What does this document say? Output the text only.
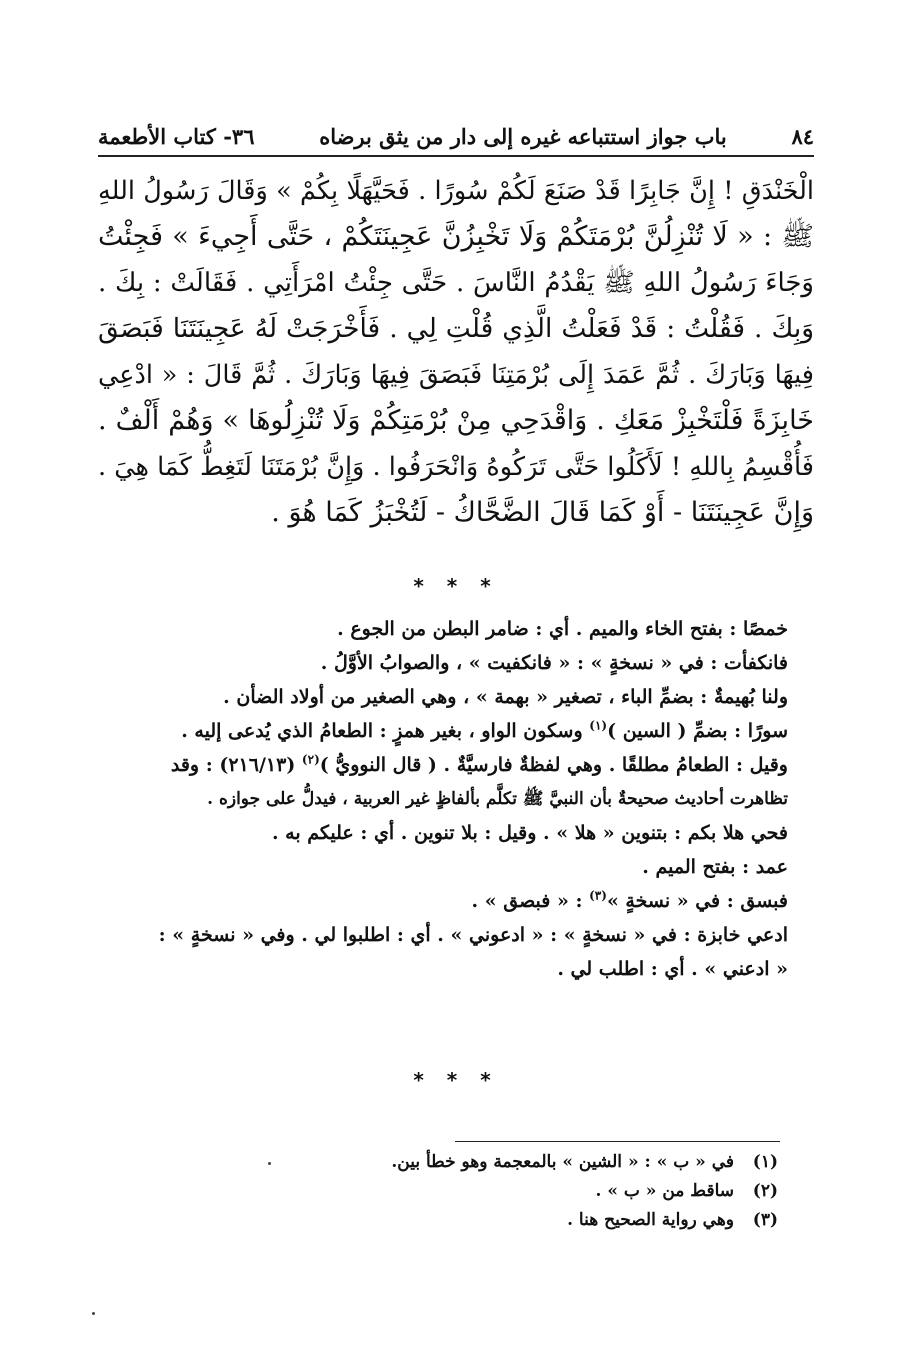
٨٤
باب جواز استتباعه غيره إلى دار من يثق برضاه
٣٦- كتاب الأطعمة
الْخَنْدَقِ ! إِنَّ جَابِرًا قَدْ صَنَعَ لَكُمْ سُورًا . فَحَيَّهَلًا بِكُمْ » وَقَالَ رَسُولُ اللهِ
ﷺ : « لَا تُنْزِلُنَّ بُرْمَتَكُمْ وَلَا تَخْبِزُنَّ عَجِينَتَكُمْ ، حَتَّى أَجِيءَ » فَجِئْتُ
وَجَاءَ رَسُولُ اللهِ ﷺ يَقْدُمُ النَّاسَ . حَتَّى جِئْتُ امْرَأَتِي . فَقَالَتْ : بِكَ .
وَبِكَ . فَقُلْتُ : قَدْ فَعَلْتُ الَّذِي قُلْتِ لِي . فَأَخْرَجَتْ لَهُ عَجِينَتَنَا فَبَصَقَ
فِيهَا وَبَارَكَ . ثُمَّ عَمَدَ إِلَى بُرْمَتِنَا فَبَصَقَ فِيهَا وَبَارَكَ . ثُمَّ قَالَ : « ادْعِي
خَابِزَةً فَلْتَخْبِزْ مَعَكِ . وَاقْدَحِي مِنْ بُرْمَتِكُمْ وَلَا تُنْزِلُوهَا » وَهُمْ أَلْفٌ .
فَأُقْسِمُ بِاللهِ ! لَأَكَلُوا حَتَّى تَرَكُوهُ وَانْحَرَفُوا . وَإِنَّ بُرْمَتَنَا لَتَغِطُّ كَمَا هِيَ .
وَإِنَّ عَجِينَتَنَا - أَوْ كَمَا قَالَ الضَّحَّاكُ - لَتُخْبَزُ كَمَا هُوَ .
* * *
خمصًا : بفتح الخاء والميم . أي : ضامر البطن من الجوع .
فانكفأت : في « نسخةٍ » : « فانكفيت » ، والصوابُ الأوَّلُ .
ولنا بُهيمةٌ : بضمِّ الباء ، تصغير « بهمة » ، وهي الصغير من أولاد الضأن .
سورًا : بضمِّ ( السين )$^{(١)}$ وسكون الواو ، بغير همزٍ : الطعامُ الذي يُدعى إليه .
وقيل : الطعامُ مطلقًا . وهي لفظةٌ فارسيَّةٌ . ( قال النوويُّ )$^{(٢)}$ (٢١٦/١٣) : وقد
تظاهرت أحاديث صحيحةٌ بأن النبيَّ ﷺ تكلَّم بألفاظٍ غير العربية ، فيدلُّ على جوازه .
فحي هلا بكم : بتنوين « هلا » . وقيل : بلا تنوين . أي : عليكم به .
عمد : بفتح الميم .
فبسق : في « نسخةٍ »$^{(٣)}$ : « فبصق » .
ادعي خابزة : في « نسخةٍ » : « ادعوني » . أي : اطلبوا لي . وفي « نسخةٍ » :
« ادعني » . أي : اطلب لي .
* * *
(١)
في « ب » : « الشين » بالمعجمة وهو خطأ بين.
(٢)
ساقط من « ب » .
(٣)
وهي رواية الصحيح هنا .
